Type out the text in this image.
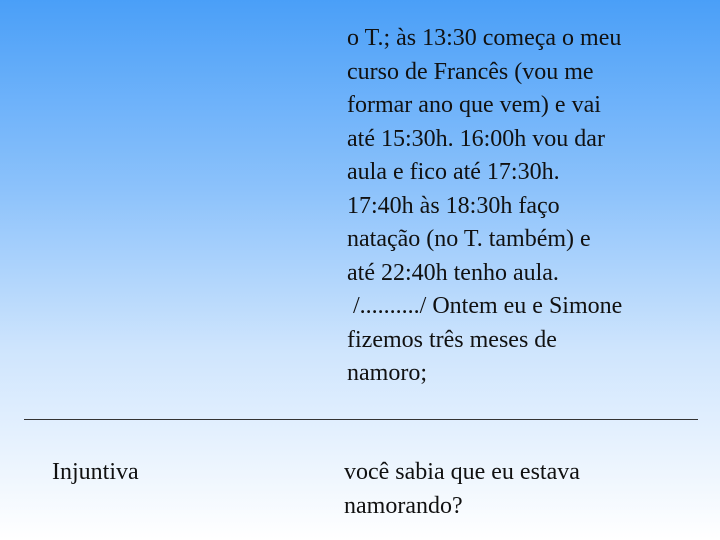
o T.; às 13:30 começa o meu
curso de Francês (vou me
formar ano que vem) e vai
até 15:30h. 16:00h vou dar
aula e fico até 17:30h.
17:40h às 18:30h faço
natação (no T. também) e
até 22:40h tenho aula.
/........../ Ontem eu e Simone
fizemos três meses de
namoro;
Injuntiva	você sabia que eu estava
namorando?
